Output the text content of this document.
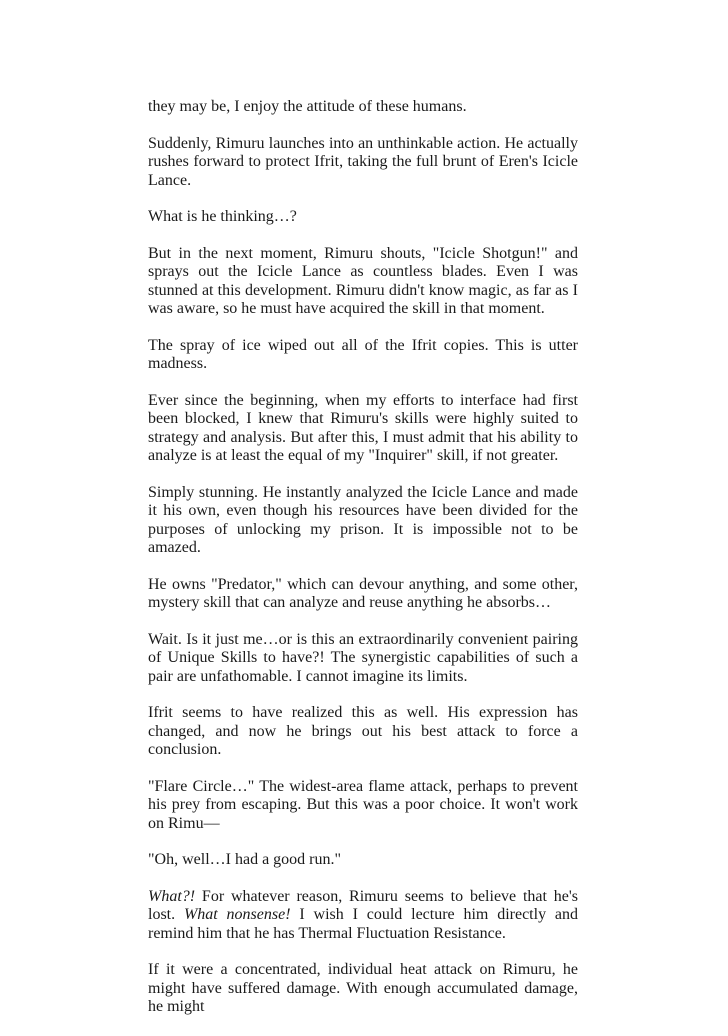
they may be, I enjoy the attitude of these humans.

Suddenly, Rimuru launches into an unthinkable action. He actually rushes forward to protect Ifrit, taking the full brunt of Eren's Icicle Lance.

What is he thinking…?

But in the next moment, Rimuru shouts, "Icicle Shotgun!" and sprays out the Icicle Lance as countless blades. Even I was stunned at this development. Rimuru didn't know magic, as far as I was aware, so he must have acquired the skill in that moment.

The spray of ice wiped out all of the Ifrit copies. This is utter madness.

Ever since the beginning, when my efforts to interface had first been blocked, I knew that Rimuru's skills were highly suited to strategy and analysis. But after this, I must admit that his ability to analyze is at least the equal of my "Inquirer" skill, if not greater.

Simply stunning. He instantly analyzed the Icicle Lance and made it his own, even though his resources have been divided for the purposes of unlocking my prison. It is impossible not to be amazed.

He owns "Predator," which can devour anything, and some other, mystery skill that can analyze and reuse anything he absorbs…

Wait. Is it just me…or is this an extraordinarily convenient pairing of Unique Skills to have?! The synergistic capabilities of such a pair are unfathomable. I cannot imagine its limits.

Ifrit seems to have realized this as well. His expression has changed, and now he brings out his best attack to force a conclusion.

"Flare Circle…" The widest-area flame attack, perhaps to prevent his prey from escaping. But this was a poor choice. It won't work on Rimu—

"Oh, well…I had a good run."

What?! For whatever reason, Rimuru seems to believe that he's lost. What nonsense! I wish I could lecture him directly and remind him that he has Thermal Fluctuation Resistance.

If it were a concentrated, individual heat attack on Rimuru, he might have suffered damage. With enough accumulated damage, he might
